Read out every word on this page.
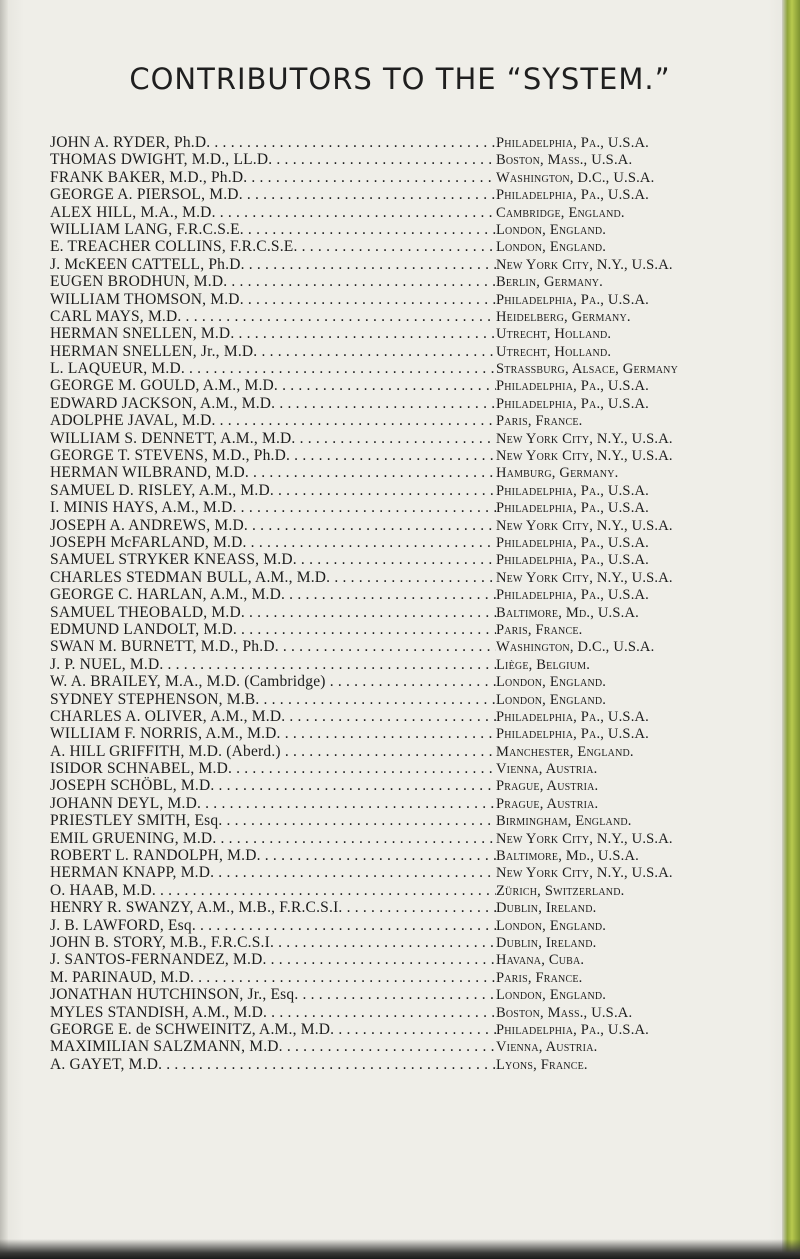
CONTRIBUTORS TO THE “SYSTEM.”
JOHN A. RYDER, Ph.D. . . .	Philadelphia, Pa., U.S.A.
THOMAS DWIGHT, M.D., LL.D. . . .	Boston, Mass., U.S.A.
FRANK BAKER, M.D., Ph.D. . . .	Washington, D.C., U.S.A.
GEORGE A. PIERSOL, M.D. . . .	Philadelphia, Pa., U.S.A.
ALEX HILL, M.A., M.D. . . .	Cambridge, England.
WILLIAM LANG, F.R.C.S.E. . . .	London, England.
E. TREACHER COLLINS, F.R.C.S.E. . . .	London, England.
J. McKEEN CATTELL, Ph.D. . . .	New York City, N.Y., U.S.A.
EUGEN BRODHUN, M.D. . . .	Berlin, Germany.
WILLIAM THOMSON, M.D. . . .	Philadelphia, Pa., U.S.A.
CARL MAYS, M.D. . . .	Heidelberg, Germany.
HERMAN SNELLEN, M.D. . . .	Utrecht, Holland.
HERMAN SNELLEN, Jr., M.D. . . .	Utrecht, Holland.
L. LAQUEUR, M.D. . . .	Strassburg, Alsace, Germany
GEORGE M. GOULD, A.M., M.D. . . .	Philadelphia, Pa., U.S.A.
EDWARD JACKSON, A.M., M.D. . . .	Philadelphia, Pa., U.S.A.
ADOLPHE JAVAL, M.D. . . .	Paris, France.
WILLIAM S. DENNETT, A.M., M.D. . . .	New York City, N.Y., U.S.A.
GEORGE T. STEVENS, M.D., Ph.D. . . .	New York City, N.Y., U.S.A.
HERMAN WILBRAND, M.D. . . .	Hamburg, Germany.
SAMUEL D. RISLEY, A.M., M.D. . . .	Philadelphia, Pa., U.S.A.
I. MINIS HAYS, A.M., M.D. . . .	Philadelphia, Pa., U.S.A.
JOSEPH A. ANDREWS, M.D. . . .	New York City, N.Y., U.S.A.
JOSEPH McFARLAND, M.D. . . .	Philadelphia, Pa., U.S.A.
SAMUEL STRYKER KNEASS, M.D. . . .	Philadelphia, Pa., U.S.A.
CHARLES STEDMAN BULL, A.M., M.D. . . .	New York City, N.Y., U.S.A.
GEORGE C. HARLAN, A.M., M.D. . . .	Philadelphia, Pa., U.S.A.
SAMUEL THEOBALD, M.D. . . .	Baltimore, Md., U.S.A.
EDMUND LANDOLT, M.D. . . .	Paris, France.
SWAN M. BURNETT, M.D., Ph.D. . . .	Washington, D.C., U.S.A.
J. P. NUEL, M.D. . . .	Liège, Belgium.
W. A. BRAILEY, M.A., M.D. (Cambridge) . . .	London, England.
SYDNEY STEPHENSON, M.B. . . .	London, England.
CHARLES A. OLIVER, A.M., M.D. . . .	Philadelphia, Pa., U.S.A.
WILLIAM F. NORRIS, A.M., M.D. . . .	Philadelphia, Pa., U.S.A.
A. HILL GRIFFITH, M.D. (Aberd.) . . .	Manchester, England.
ISIDOR SCHNABEL, M.D. . . .	Vienna, Austria.
JOSEPH SCHÖBL, M.D. . . .	Prague, Austria.
JOHANN DEYL, M.D. . . .	Prague, Austria.
PRIESTLEY SMITH, Esq. . . .	Birmingham, England.
EMIL GRUENING, M.D. . . .	New York City, N.Y., U.S.A.
ROBERT L. RANDOLPH, M.D. . . .	Baltimore, Md., U.S.A.
HERMAN KNAPP, M.D. . . .	New York City, N.Y., U.S.A.
O. HAAB, M.D. . . .	Zürich, Switzerland.
HENRY R. SWANZY, A.M., M.B., F.R.C.S.I. . . .	Dublin, Ireland.
J. B. LAWFORD, Esq. . . .	London, England.
JOHN B. STORY, M.B., F.R.C.S.I. . . .	Dublin, Ireland.
J. SANTOS-FERNANDEZ, M.D. . . .	Havana, Cuba.
M. PARINAUD, M.D. . . .	Paris, France.
JONATHAN HUTCHINSON, Jr., Esq. . . .	London, England.
MYLES STANDISH, A.M., M.D. . . .	Boston, Mass., U.S.A.
GEORGE E. de SCHWEINITZ, A.M., M.D. . . .	Philadelphia, Pa., U.S.A.
MAXIMILIAN SALZMANN, M.D. . . .	Vienna, Austria.
A. GAYET, M.D. . . .	Lyons, France.
